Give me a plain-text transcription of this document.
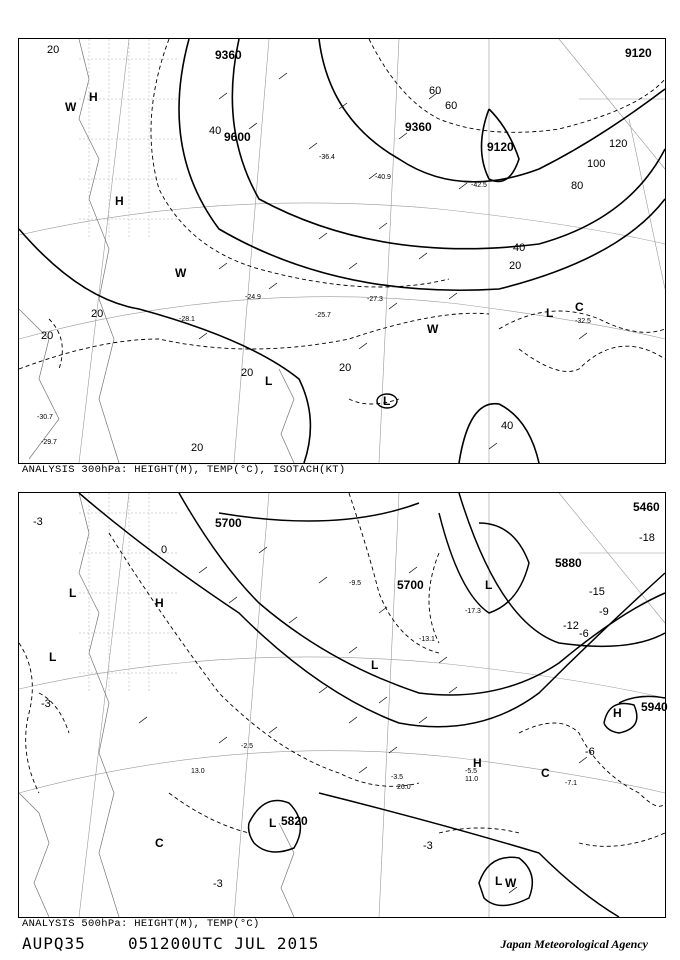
9360
9600
9360
9120
9120
20
40
60
80
100
120
20
40
60
20
20
20	20
40
20
H
H
W
W
L
L
L C
W
-32.5
-25.7
-27.3
-24.9
-28.1
-30.7
-29.7
-42.5
-36.4
-40.9
ANALYSIS 300hPa: HEIGHT(M), TEMP(°C), ISOTACH(KT)
5700
5700
5820
5880
5940
5460
0
-3
-6
-9
-12
-15
-18
-3
-3
-3
-6
L
L
H
L
L
C
H
C
H
L
L
W
11.0
-3.5
-5.5
-7.1
-9.5
-13.1
-17.3
-2.5
26.0
13.0
ANALYSIS 500hPa: HEIGHT(M), TEMP(°C)
AUPQ35	051200UTC JUL 2015	Japan Meteorological Agency
